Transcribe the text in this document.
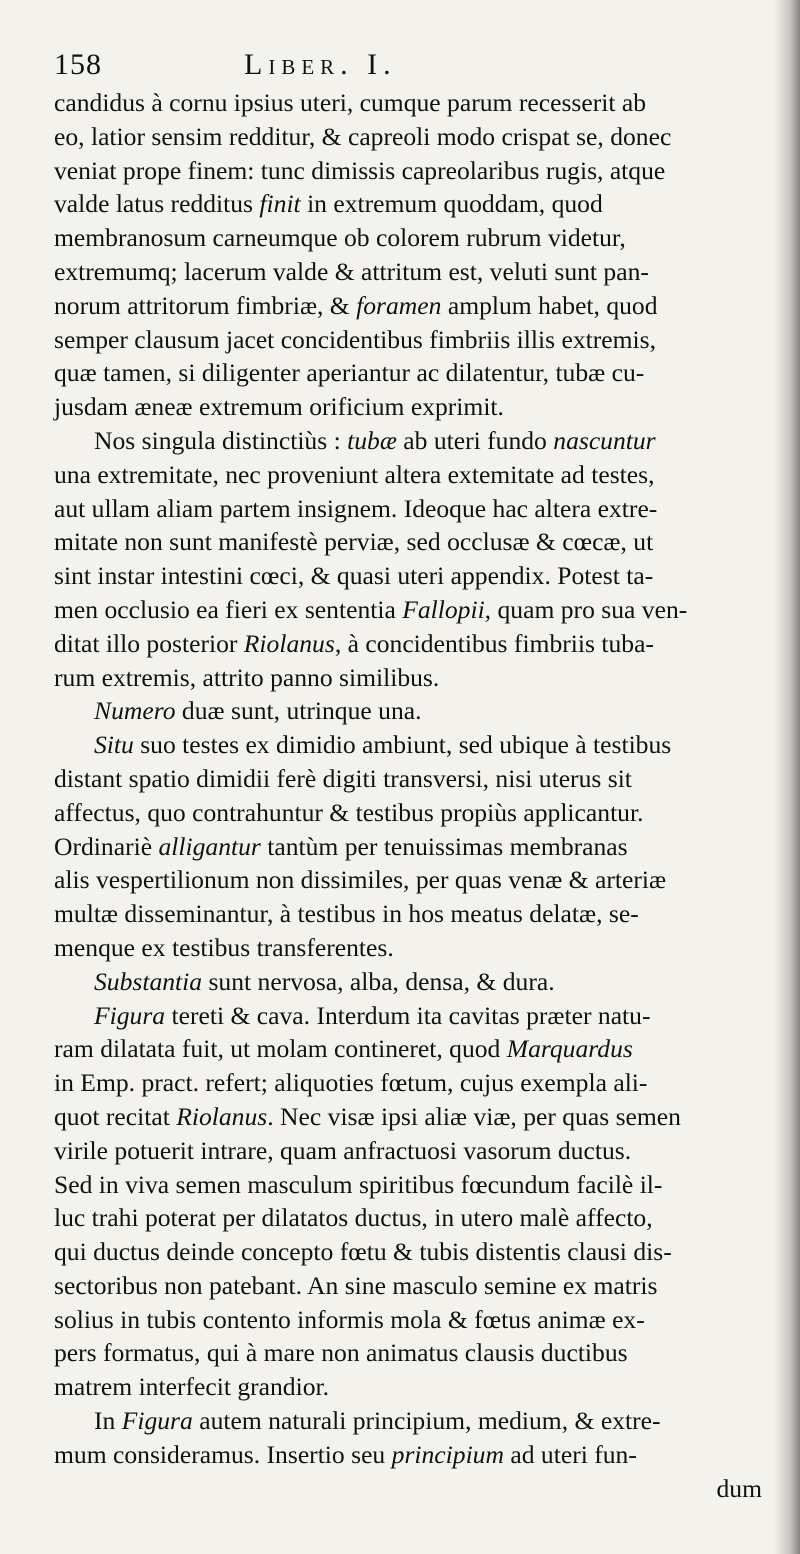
158	Liber. I.
candidus à cornu ipsius uteri, cumque parum recesserit ab
eo, latior sensim redditur, & capreoli modo crispat se, donec
veniat prope finem: tunc dimissis capreolaribus rugis, atque
valde latus redditus finit in extremum quoddam, quod
membranosum carneumque ob colorem rubrum videtur,
extremumq; lacerum valde & attritum est, veluti sunt pan-
norum attritorum fimbriæ, & foramen amplum habet, quod
semper clausum jacet concidentibus fimbriis illis extremis,
quæ tamen, si diligenter aperiantur ac dilatentur, tubæ cu-
jusdam æneæ extremum orificium exprimit.
Nos singula distinctiùs : tubæ ab uteri fundo nascuntur
una extremitate, nec proveniunt altera extemitate ad testes,
aut ullam aliam partem insignem. Ideoque hac altera extre-
mitate non sunt manifestè perviæ, sed occlusæ & cœcæ, ut
sint instar intestini cœci, & quasi uteri appendix. Potest ta-
men occlusio ea fieri ex sententia Fallopii, quam pro sua ven-
ditat illo posterior Riolanus, à concidentibus fimbriis tuba-
rum extremis, attrito panno similibus.
Numero duæ sunt, utrinque una.
Situ suo testes ex dimidio ambiunt, sed ubique à testibus
distant spatio dimidii ferè digiti transversi, nisi uterus sit
affectus, quo contrahuntur & testibus propiùs applicantur.
Ordinariè alligantur tantùm per tenuissimas membranas
alis vespertilionum non dissimiles, per quas venæ & arteriæ
multæ disseminantur, à testibus in hos meatus delatæ, se-
menque ex testibus transferentes.
Substantia sunt nervosa, alba, densa, & dura.
Figura tereti & cava. Interdum ita cavitas præter natu-
ram dilatata fuit, ut molam contineret, quod Marquardus
in Emp. pract. refert; aliquoties fœtum, cujus exempla ali-
quot recitat Riolanus. Nec visæ ipsi aliæ viæ, per quas semen
virile potuerit intrare, quam anfractuosi vasorum ductus.
Sed in viva semen masculum spiritibus fœcundum facilè il-
luc trahi poterat per dilatatos ductus, in utero malè affecto,
qui ductus deinde concepto fœtu & tubis distentis clausi dis-
sectoribus non patebant. An sine masculo semine ex matris
solius in tubis contento informis mola & fœtus animæ ex-
pers formatus, qui à mare non animatus clausis ductibus
matrem interfecit grandior.
In Figura autem naturali principium, medium, & extre-
mum consideramus. Insertio seu principium ad uteri fun-
dum
